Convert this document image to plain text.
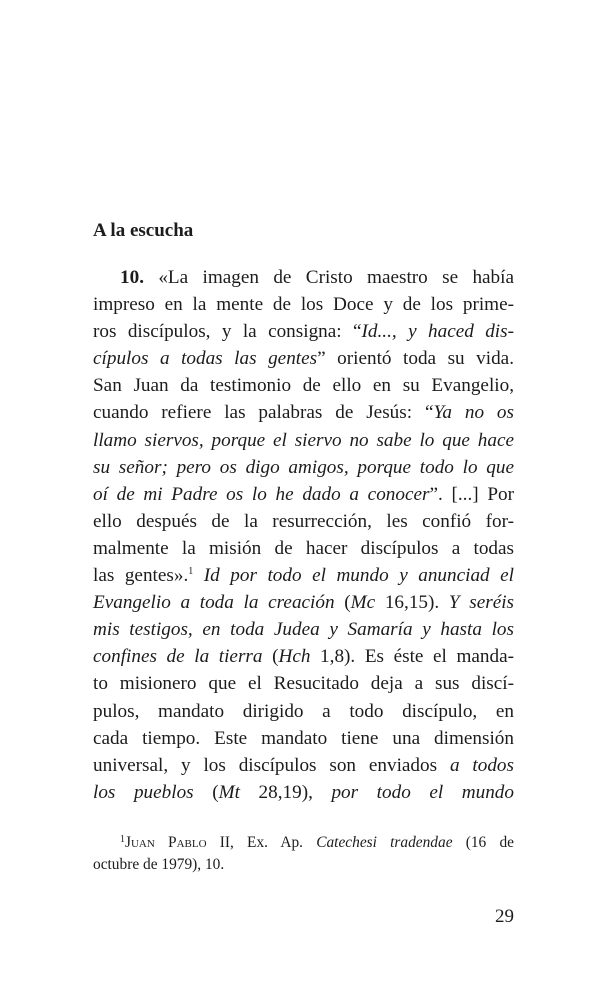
A la escucha

10. «La imagen de Cristo maestro se había
impreso en la mente de los Doce y de los prime-
ros discípulos, y la consigna: “Id..., y haced dis-
cípulos a todas las gentes” orientó toda su vida.
San Juan da testimonio de ello en su Evangelio,
cuando refiere las palabras de Jesús: “Ya no os
llamo siervos, porque el siervo no sabe lo que hace
su señor; pero os digo amigos, porque todo lo que
oí de mi Padre os lo he dado a conocer”. [...] Por
ello después de la resurrección, les confió for-
malmente la misión de hacer discípulos a todas
las gentes».$^1$ Id por todo el mundo y anunciad el
Evangelio a toda la creación (Mc 16,15). Y seréis
mis testigos, en toda Judea y Samaría y hasta los
confines de la tierra (Hch 1,8). Es éste el manda-
to misionero que el Resucitado deja a sus discí-
pulos, mandato dirigido a todo discípulo, en
cada tiempo. Este mandato tiene una dimensión
universal, y los discípulos son enviados a todos
los pueblos (Mt 28,19), por todo el mundo

$^1$Juan Pablo II, Ex. Ap. Catechesi tradendae (16 de
octubre de 1979), 10.
29
